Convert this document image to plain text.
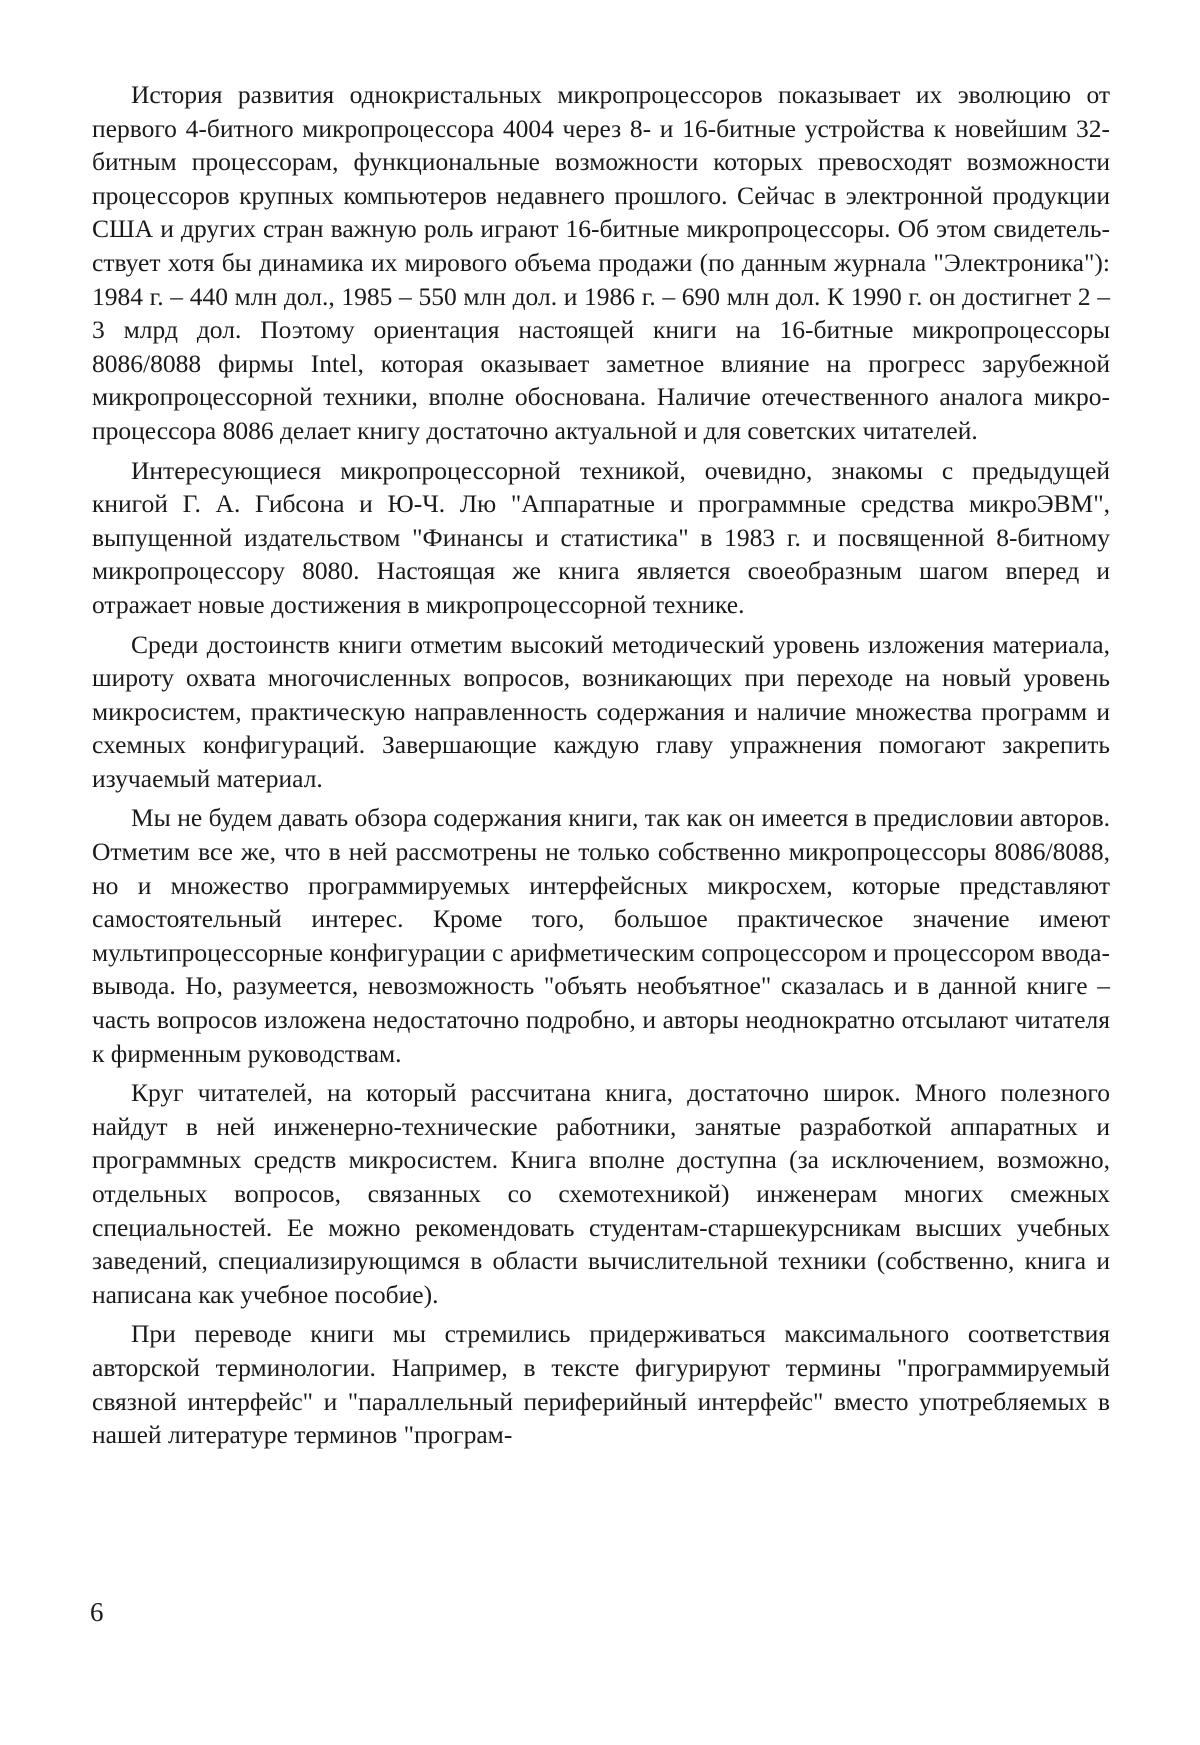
История развития однокристальных микропроцессоров показывает их эволюцию от первого 4-битного микропроцессора 4004 через 8- и 16-битные устройства к новейшим 32-битным процессорам, функциональные возможности которых превосходят возможности процессоров крупных компьютеров недавнего прошлого. Сейчас в электронной продукции США и других стран важную роль играют 16-битные микропроцессоры. Об этом свидетельствует хотя бы динамика их мирового объема продажи (по данным журнала "Электроника"): 1984 г. – 440 млн дол., 1985 – 550 млн дол. и 1986 г. – 690 млн дол. К 1990 г. он достигнет 2 – 3 млрд дол. Поэтому ориентация настоящей книги на 16-битные микропроцессоры 8086/8088 фирмы Intel, которая оказывает заметное влияние на прогресс зарубежной микропроцессорной техники, вполне обоснована. Наличие отечественного аналога микропроцессора 8086 делает книгу достаточно актуальной и для советских читателей.

Интересующиеся микропроцессорной техникой, очевидно, знакомы с предыдущей книгой Г. А. Гибсона и Ю-Ч. Лю "Аппаратные и программные средства микроЭВМ", выпущенной издательством "Финансы и статистика" в 1983 г. и посвященной 8-битному микропроцессору 8080. Настоящая же книга является своеобразным шагом вперед и отражает новые достижения в микропроцессорной технике.

Среди достоинств книги отметим высокий методический уровень изложения материала, широту охвата многочисленных вопросов, возникающих при переходе на новый уровень микросистем, практическую направленность содержания и наличие множества программ и схемных конфигураций. Завершающие каждую главу упражнения помогают закрепить изучаемый материал.

Мы не будем давать обзора содержания книги, так как он имеется в предисловии авторов. Отметим все же, что в ней рассмотрены не только собственно микропроцессоры 8086/8088, но и множество программируемых интерфейсных микросхем, которые представляют самостоятельный интерес. Кроме того, большое практическое значение имеют мультипроцессорные конфигурации с арифметическим сопроцессором и процессором ввода-вывода. Но, разумеется, невозможность "объять необъятное" сказалась и в данной книге – часть вопросов изложена недостаточно подробно, и авторы неоднократно отсылают читателя к фирменным руководствам.

Круг читателей, на который рассчитана книга, достаточно широк. Много полезного найдут в ней инженерно-технические работники, занятые разработкой аппаратных и программных средств микросистем. Книга вполне доступна (за исключением, возможно, отдельных вопросов, связанных со схемотехникой) инженерам многих смежных специальностей. Ее можно рекомендовать студентам-старшекурсникам высших учебных заведений, специализирующимся в области вычислительной техники (собственно, книга и написана как учебное пособие).

При переводе книги мы стремились придерживаться максимального соответствия авторской терминологии. Например, в тексте фигурируют термины "программируемый связной интерфейс" и "параллельный периферийный интерфейс" вместо употребляемых в нашей литературе терминов "програм-

6
